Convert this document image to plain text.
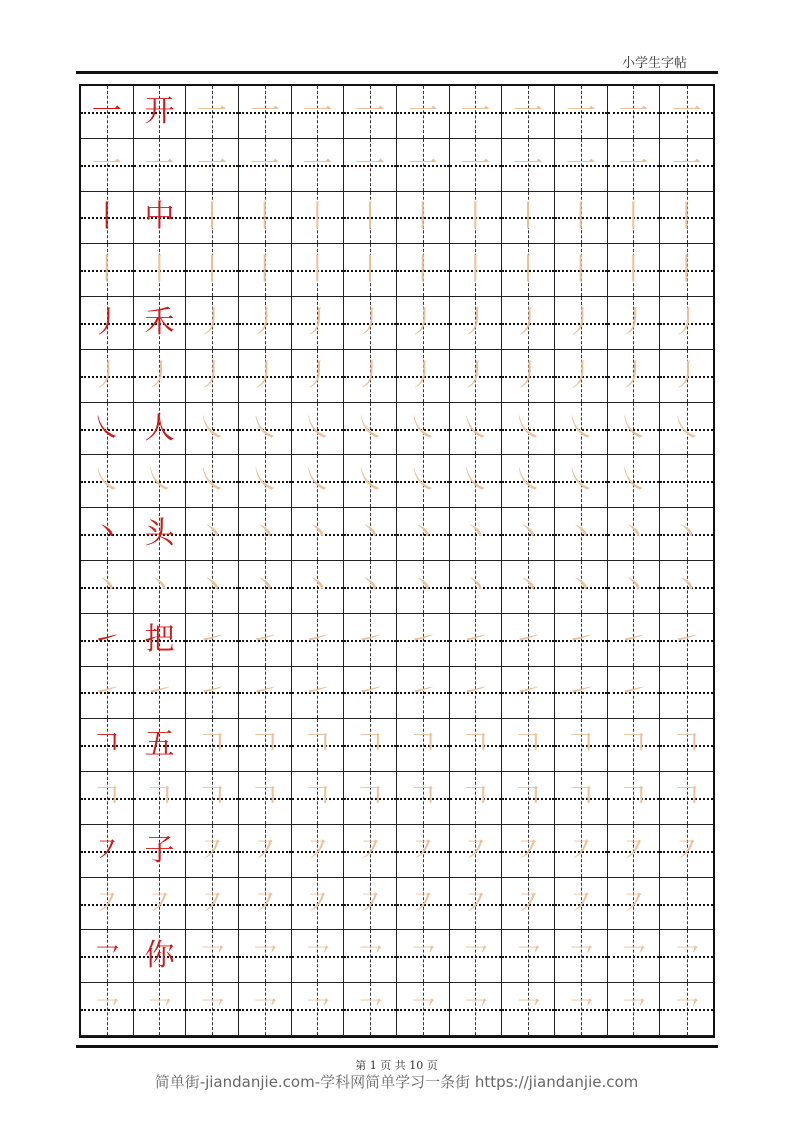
小学生字帖
一 开 一 一 一 一 一 一 一 一 一 一
一 一 一 一 一 一 一 一 一 一 一 一
丨 中 丨 丨 丨 丨 丨 丨 丨 丨 丨 丨
丨 丨 丨 丨 丨 丨 丨 丨 丨 丨 丨 丨
丿 禾 丿 丿 丿 丿 丿 丿 丿 丿 丿 丿
丿 丿 丿 丿 丿 丿 丿 丿 丿 丿 丿 丿
㇏ 人 ㇏ ㇏ ㇏ ㇏ ㇏ ㇏ ㇏ ㇏ ㇏ ㇏
㇏ ㇏ ㇏ ㇏ ㇏ ㇏ ㇏ ㇏ ㇏ ㇏ ㇏
丶 头 丶 丶 丶 丶 丶 丶 丶 丶 丶 丶
丶 丶 丶 丶 丶 丶 丶 丶 丶 丶 丶 丶
㇀ 把 ㇀ ㇀ ㇀ ㇀ ㇀ ㇀ ㇀ ㇀ ㇀ ㇀
㇀ ㇀ ㇀ ㇀ ㇀ ㇀ ㇀ ㇀ ㇀ ㇀ ㇀
𠃍 五 𠃍 𠃍 𠃍 𠃍 𠃍 𠃍 𠃍 𠃍 𠃍 𠃍
𠃍 𠃍 𠃍 𠃍 𠃍 𠃍 𠃍 𠃍 𠃍 𠃍 𠃍 𠃍
㇇ 子 ㇇ ㇇ ㇇ ㇇ ㇇ ㇇ ㇇ ㇇ ㇇ ㇇
㇇ ㇇ ㇇ ㇇ ㇇ ㇇ ㇇ ㇇ ㇇ ㇇ ㇇
㇖ 你 ㇖ ㇖ ㇖ ㇖ ㇖ ㇖ ㇖ ㇖ ㇖ ㇖
㇖ ㇖ ㇖ ㇖ ㇖ ㇖ ㇖ ㇖ ㇖ ㇖ ㇖ ㇖
第 1 页 共 10 页
简单街-jiandanjie.com-学科网简单学习一条街 https://jiandanjie.com
